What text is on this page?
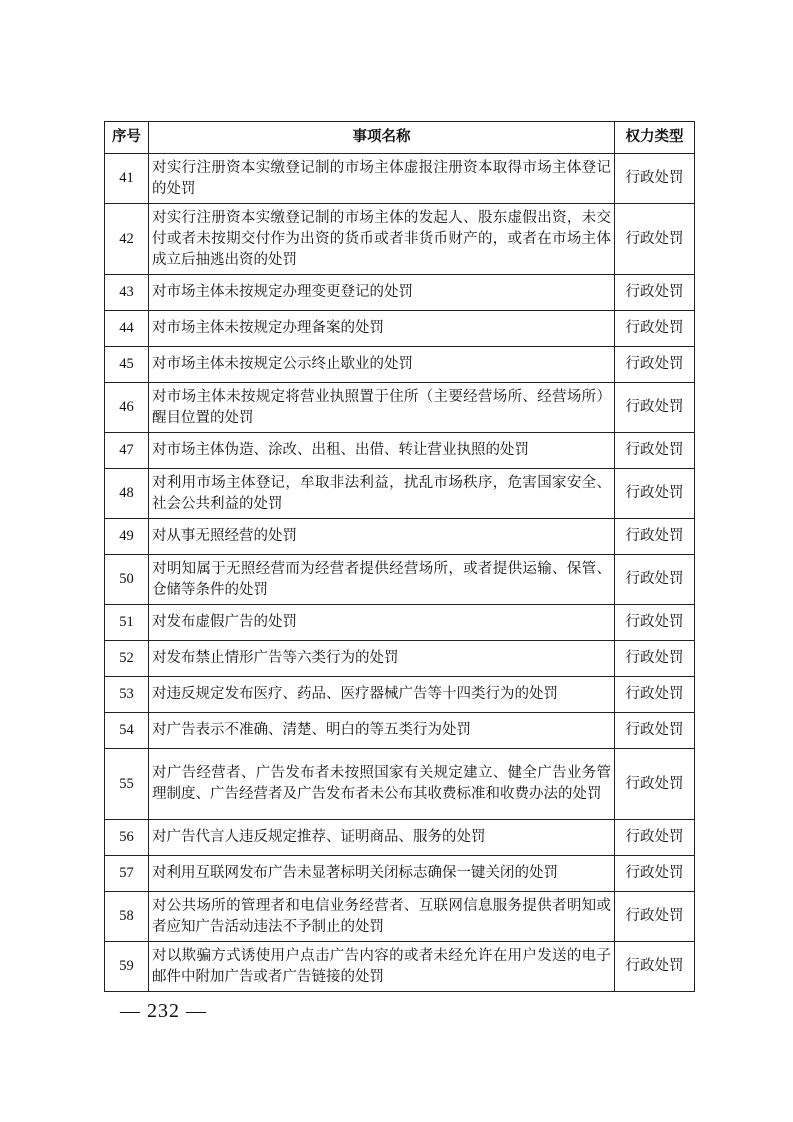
序号	事项名称	权力类型
41	对实行注册资本实缴登记制的市场主体虚报注册资本取得市场主体登记的处罚	行政处罚
42	对实行注册资本实缴登记制的市场主体的发起人、股东虚假出资，未交付或者未按期交付作为出资的货币或者非货币财产的，或者在市场主体成立后抽逃出资的处罚	行政处罚
43	对市场主体未按规定办理变更登记的处罚	行政处罚
44	对市场主体未按规定办理备案的处罚	行政处罚
45	对市场主体未按规定公示终止歇业的处罚	行政处罚
46	对市场主体未按规定将营业执照置于住所（主要经营场所、经营场所）醒目位置的处罚	行政处罚
47	对市场主体伪造、涂改、出租、出借、转让营业执照的处罚	行政处罚
48	对利用市场主体登记，牟取非法利益，扰乱市场秩序，危害国家安全、社会公共利益的处罚	行政处罚
49	对从事无照经营的处罚	行政处罚
50	对明知属于无照经营而为经营者提供经营场所，或者提供运输、保管、仓储等条件的处罚	行政处罚
51	对发布虚假广告的处罚	行政处罚
52	对发布禁止情形广告等六类行为的处罚	行政处罚
53	对违反规定发布医疗、药品、医疗器械广告等十四类行为的处罚	行政处罚
54	对广告表示不准确、清楚、明白的等五类行为处罚	行政处罚
55	对广告经营者、广告发布者未按照国家有关规定建立、健全广告业务管理制度、广告经营者及广告发布者未公布其收费标准和收费办法的处罚	行政处罚
56	对广告代言人违反规定推荐、证明商品、服务的处罚	行政处罚
57	对利用互联网发布广告未显著标明关闭标志确保一键关闭的处罚	行政处罚
58	对公共场所的管理者和电信业务经营者、互联网信息服务提供者明知或者应知广告活动违法不予制止的处罚	行政处罚
59	对以欺骗方式诱使用户点击广告内容的或者未经允许在用户发送的电子邮件中附加广告或者广告链接的处罚	行政处罚
— 232 —
